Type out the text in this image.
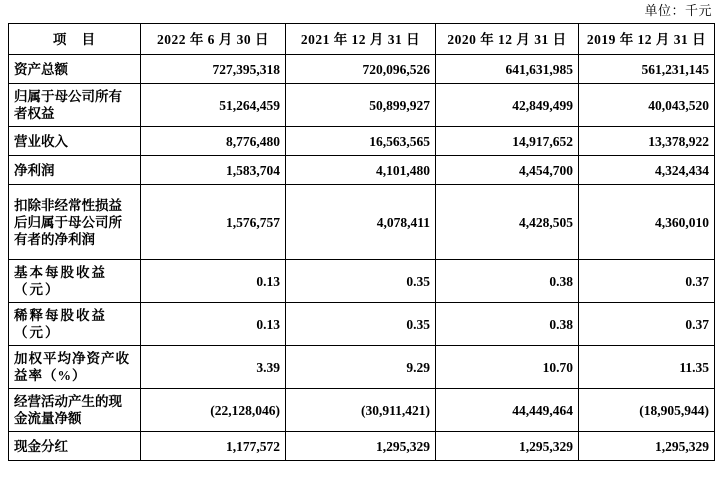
单位：千元
项 目	2022 年 6 月 30 日	2021 年 12 月 31 日	2020 年 12 月 31 日	2019 年 12 月 31 日
资产总额	727,395,318	720,096,526	641,631,985	561,231,145
归属于母公司所有者权益	51,264,459	50,899,927	42,849,499	40,043,520
营业收入	8,776,480	16,563,565	14,917,652	13,378,922
净利润	1,583,704	4,101,480	4,454,700	4,324,434
扣除非经常性损益后归属于母公司所有者的净利润	1,576,757	4,078,411	4,428,505	4,360,010
基本每股收益（元）	0.13	0.35	0.38	0.37
稀释每股收益（元）	0.13	0.35	0.38	0.37
加权平均净资产收益率（%）	3.39	9.29	10.70	11.35
经营活动产生的现金流量净额	(22,128,046)	(30,911,421)	44,449,464	(18,905,944)
现金分红	1,177,572	1,295,329	1,295,329	1,295,329
